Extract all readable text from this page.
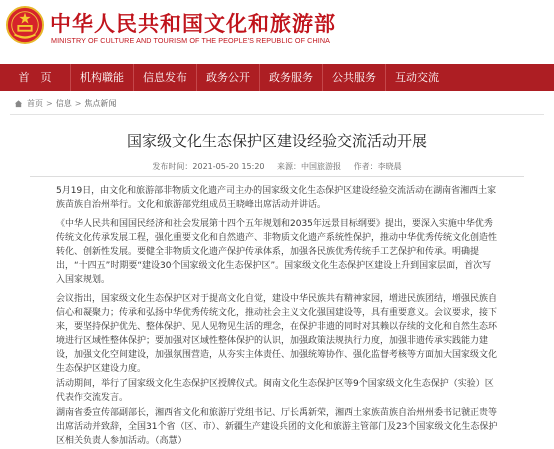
中华人民共和国文化和旅游部
MINISTRY OF CULTURE AND TOURISM OF THE PEOPLE'S REPUBLIC OF CHINA
首　页	机构職能	信息发布	政务公开	政务服务	公共服务	互动交流
首页 > 信息 > 焦点新闻
国家级文化生态保护区建设经验交流活动开展
发布时间：2021-05-20 15:20 来源：中国旅游报 作者：李晓晨

5月19日，由文化和旅游部非物质文化遗产司主办的国家级文化生态保护区建设经验交流活动在湖南省湘西土家族苗族自治州举行。文化和旅游部党组成员王晓峰出席活动并讲话。

《中华人民共和国国民经济和社会发展第十四个五年规划和2035年远景目标纲要》提出，要深入实施中华优秀传统文化传承发展工程，强化重要文化和自然遗产、非物质文化遗产系统性保护，推动中华优秀传统文化创造性转化、创新性发展。要健全非物质文化遗产保护传承体系，加强各民族优秀传统手工艺保护和传承。明确提出，“十四五”时期要“建设30个国家级文化生态保护区”。国家级文化生态保护区建设上升到国家层面，首次写入国家规划。

会议指出，国家级文化生态保护区对于提高文化自觉，建设中华民族共有精神家园，增进民族团结，增强民族自信心和凝聚力；传承和弘扬中华优秀传统文化，推动社会主义文化强国建设等，具有重要意义。会议要求，接下来，要坚持保护优先、整体保护、见人见物见生活的理念，在保护非遗的同时对其赖以存续的文化和自然生态环境进行区域性整体保护；要加强对区域性整体保护的认识，加强政策法规执行力度，加强非遗传承实践能力建设，加强文化空间建设，加强氛围营造，从夯实主体责任、加强统筹协作、强化监督考核等方面加大国家级文化生态保护区建设力度。

活动期间，举行了国家级文化生态保护区授牌仪式。闽南文化生态保护区等9个国家级文化生态保护（实验）区代表作交流发言。

湖南省委宣传部副部长，湘西省文化和旅游厅党组书记、厅长禹新荣，湘西土家族苗族自治州州委书记虢正贵等出席活动并致辞，全国31个省（区、市）、新疆生产建设兵团的文化和旅游主管部门及23个国家级文化生态保护区相关负责人参加活动。（高慧）
